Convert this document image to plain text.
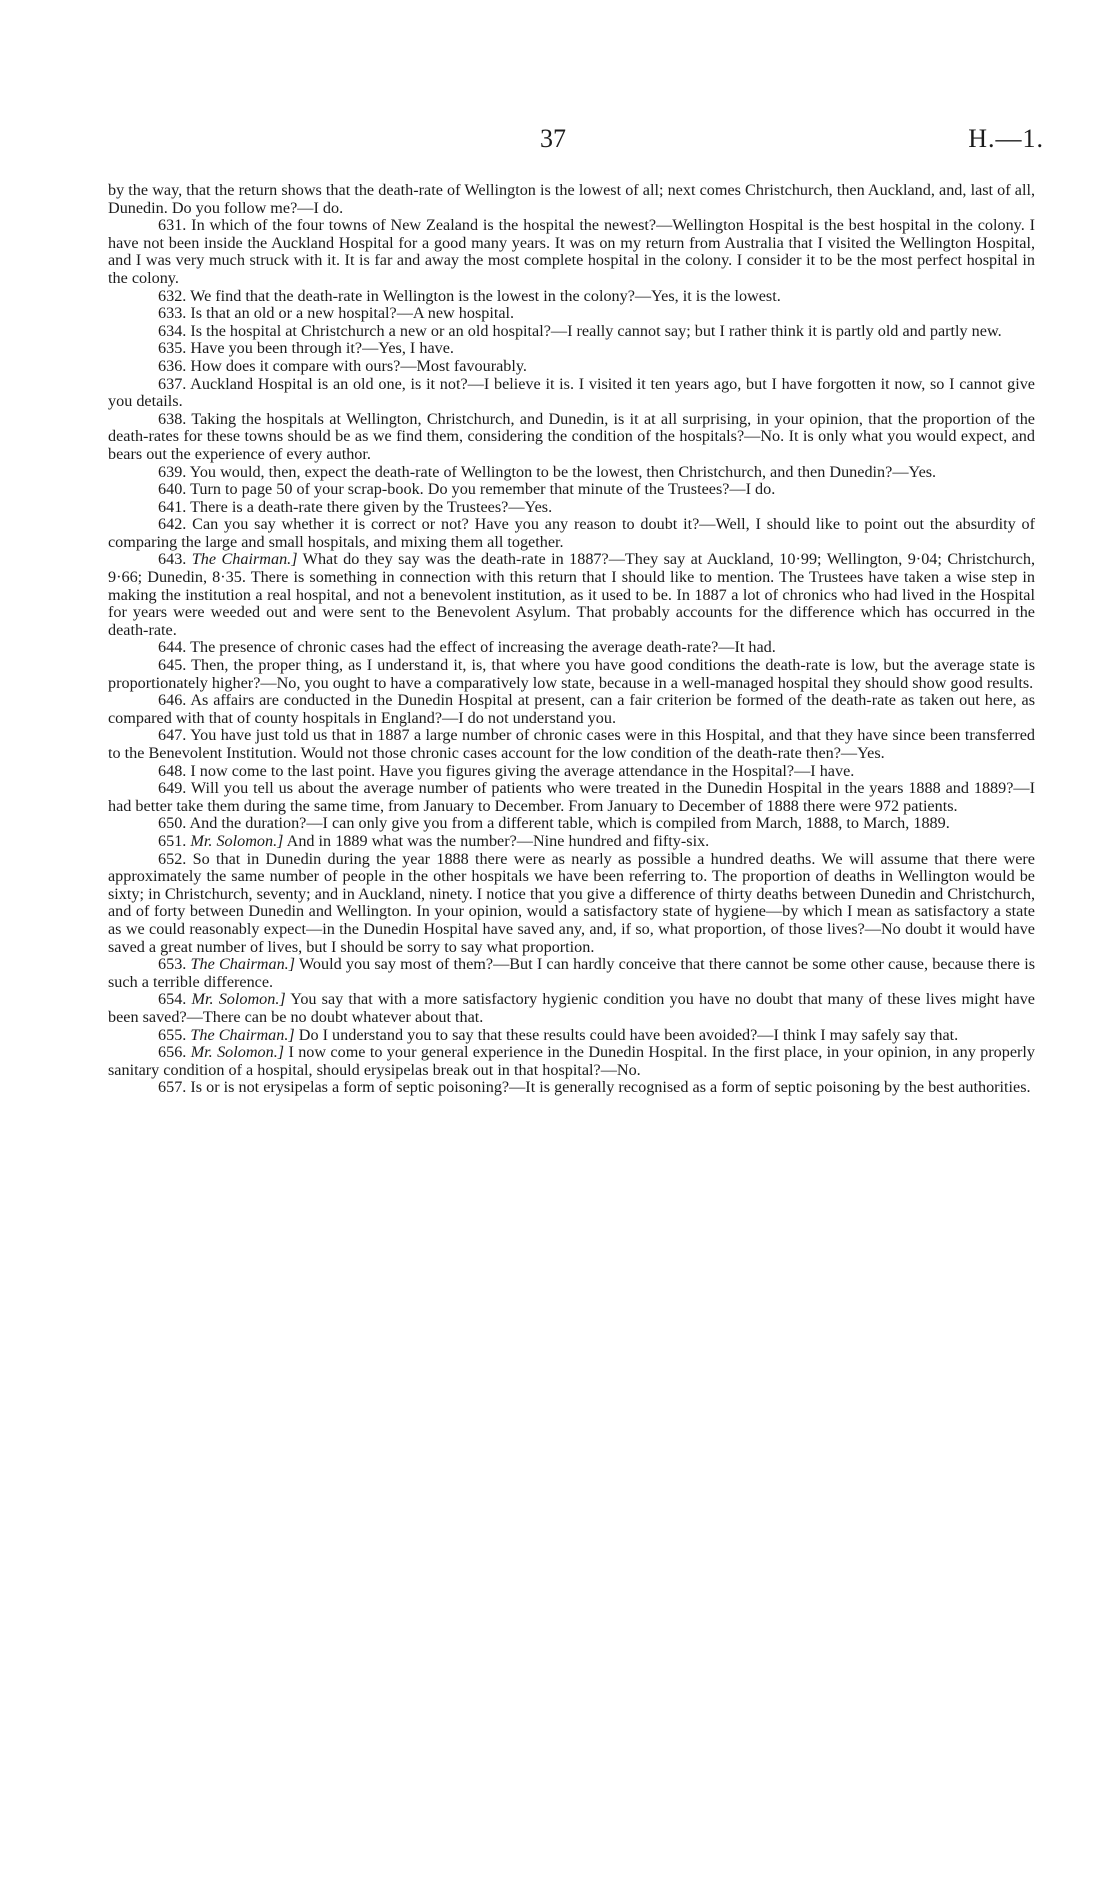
37	H.—1.

by the way, that the return shows that the death-rate of Wellington is the lowest of all; next comes Christchurch, then Auckland, and, last of all, Dunedin. Do you follow me?—I do.

631. In which of the four towns of New Zealand is the hospital the newest?—Wellington Hospital is the best hospital in the colony. I have not been inside the Auckland Hospital for a good many years. It was on my return from Australia that I visited the Wellington Hospital, and I was very much struck with it. It is far and away the most complete hospital in the colony. I consider it to be the most perfect hospital in the colony.

632. We find that the death-rate in Wellington is the lowest in the colony?—Yes, it is the lowest.

633. Is that an old or a new hospital?—A new hospital.

634. Is the hospital at Christchurch a new or an old hospital?—I really cannot say; but I rather think it is partly old and partly new.

635. Have you been through it?—Yes, I have.

636. How does it compare with ours?—Most favourably.

637. Auckland Hospital is an old one, is it not?—I believe it is. I visited it ten years ago, but I have forgotten it now, so I cannot give you details.

638. Taking the hospitals at Wellington, Christchurch, and Dunedin, is it at all surprising, in your opinion, that the proportion of the death-rates for these towns should be as we find them, considering the condition of the hospitals?—No. It is only what you would expect, and bears out the experience of every author.

639. You would, then, expect the death-rate of Wellington to be the lowest, then Christchurch, and then Dunedin?—Yes.

640. Turn to page 50 of your scrap-book. Do you remember that minute of the Trustees?—I do.

641. There is a death-rate there given by the Trustees?—Yes.

642. Can you say whether it is correct or not? Have you any reason to doubt it?—Well, I should like to point out the absurdity of comparing the large and small hospitals, and mixing them all together.

643. The Chairman.] What do they say was the death-rate in 1887?—They say at Auckland, 10·99; Wellington, 9·04; Christchurch, 9·66; Dunedin, 8·35. There is something in connection with this return that I should like to mention. The Trustees have taken a wise step in making the institution a real hospital, and not a benevolent institution, as it used to be. In 1887 a lot of chronics who had lived in the Hospital for years were weeded out and were sent to the Benevolent Asylum. That probably accounts for the difference which has occurred in the death-rate.

644. The presence of chronic cases had the effect of increasing the average death-rate?—It had.

645. Then, the proper thing, as I understand it, is, that where you have good conditions the death-rate is low, but the average state is proportionately higher?—No, you ought to have a comparatively low state, because in a well-managed hospital they should show good results.

646. As affairs are conducted in the Dunedin Hospital at present, can a fair criterion be formed of the death-rate as taken out here, as compared with that of county hospitals in England?—I do not understand you.

647. You have just told us that in 1887 a large number of chronic cases were in this Hospital, and that they have since been transferred to the Benevolent Institution. Would not those chronic cases account for the low condition of the death-rate then?—Yes.

648. I now come to the last point. Have you figures giving the average attendance in the Hospital?—I have.

649. Will you tell us about the average number of patients who were treated in the Dunedin Hospital in the years 1888 and 1889?—I had better take them during the same time, from January to December. From January to December of 1888 there were 972 patients.

650. And the duration?—I can only give you from a different table, which is compiled from March, 1888, to March, 1889.

651. Mr. Solomon.] And in 1889 what was the number?—Nine hundred and fifty-six.

652. So that in Dunedin during the year 1888 there were as nearly as possible a hundred deaths. We will assume that there were approximately the same number of people in the other hospitals we have been referring to. The proportion of deaths in Wellington would be sixty; in Christchurch, seventy; and in Auckland, ninety. I notice that you give a difference of thirty deaths between Dunedin and Christchurch, and of forty between Dunedin and Wellington. In your opinion, would a satisfactory state of hygiene—by which I mean as satisfactory a state as we could reasonably expect—in the Dunedin Hospital have saved any, and, if so, what proportion, of those lives?—No doubt it would have saved a great number of lives, but I should be sorry to say what proportion.

653. The Chairman.] Would you say most of them?—But I can hardly conceive that there cannot be some other cause, because there is such a terrible difference.

654. Mr. Solomon.] You say that with a more satisfactory hygienic condition you have no doubt that many of these lives might have been saved?—There can be no doubt whatever about that.

655. The Chairman.] Do I understand you to say that these results could have been avoided?—I think I may safely say that.

656. Mr. Solomon.] I now come to your general experience in the Dunedin Hospital. In the first place, in your opinion, in any properly sanitary condition of a hospital, should erysipelas break out in that hospital?—No.

657. Is or is not erysipelas a form of septic poisoning?—It is generally recognised as a form of septic poisoning by the best authorities.
